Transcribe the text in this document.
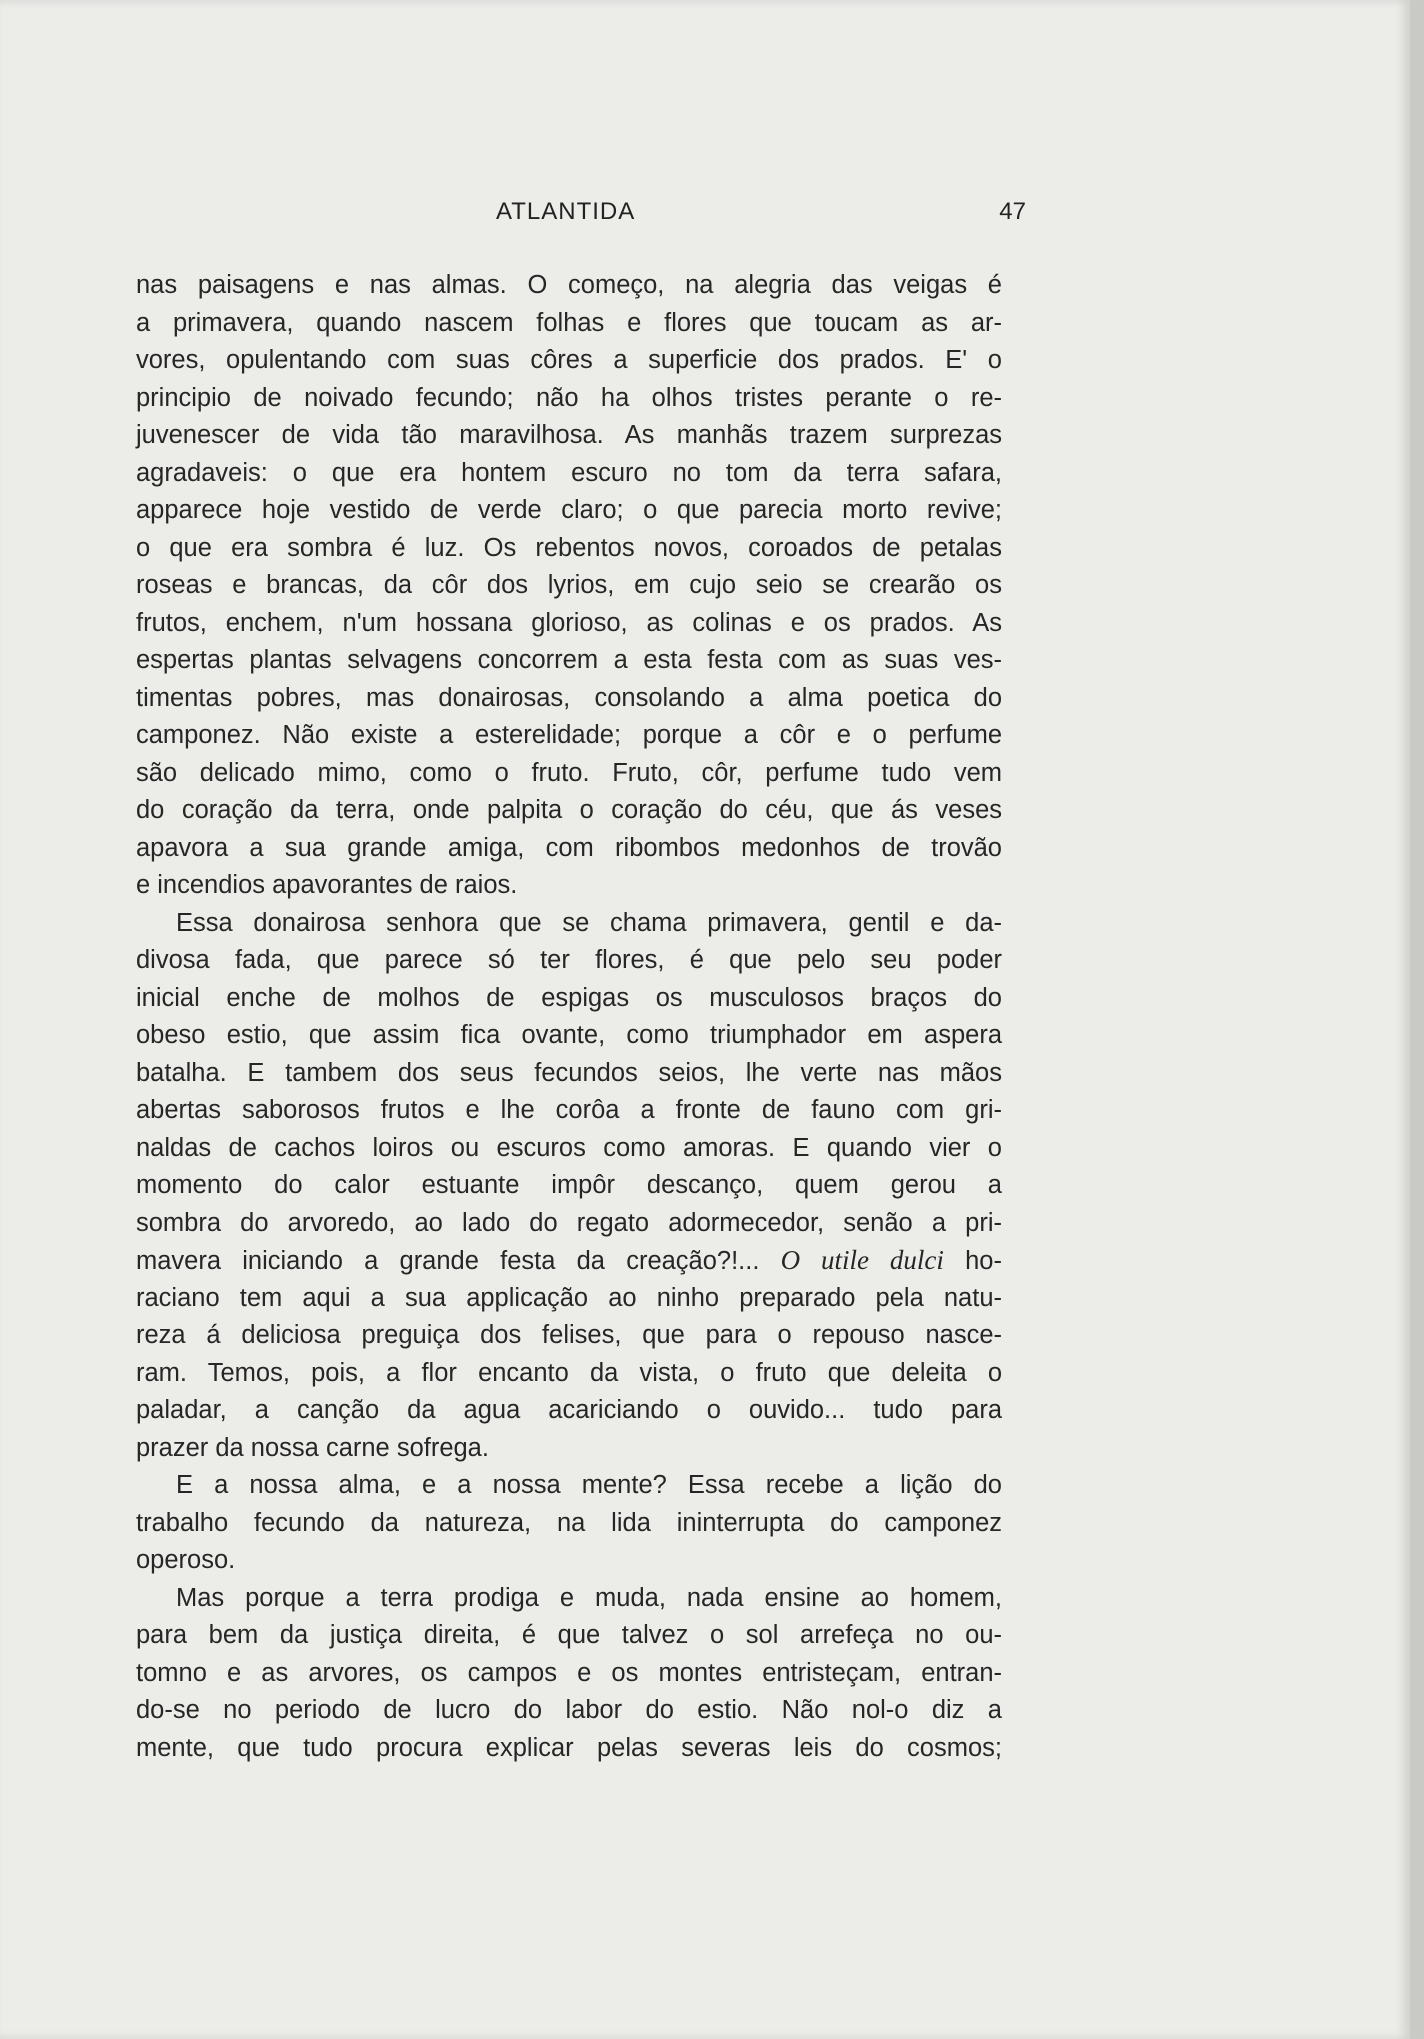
ATLANTIDA	47
nas paisagens e nas almas. O começo, na alegria das veigas é
a primavera, quando nascem folhas e flores que toucam as ar-
vores, opulentando com suas côres a superficie dos prados. E' o
principio de noivado fecundo; não ha olhos tristes perante o re-
juvenescer de vida tão maravilhosa. As manhãs trazem surprezas
agradaveis: o que era hontem escuro no tom da terra safara,
apparece hoje vestido de verde claro; o que parecia morto revive;
o que era sombra é luz. Os rebentos novos, coroados de petalas
roseas e brancas, da côr dos lyrios, em cujo seio se crearão os
frutos, enchem, n'um hossana glorioso, as colinas e os prados. As
espertas plantas selvagens concorrem a esta festa com as suas ves-
timentas pobres, mas donairosas, consolando a alma poetica do
camponez. Não existe a esterelidade; porque a côr e o perfume
são delicado mimo, como o fruto. Fruto, côr, perfume tudo vem
do coração da terra, onde palpita o coração do céu, que ás veses
apavora a sua grande amiga, com ribombos medonhos de trovão
e incendios apavorantes de raios.
Essa donairosa senhora que se chama primavera, gentil e da-
divosa fada, que parece só ter flores, é que pelo seu poder
inicial enche de molhos de espigas os musculosos braços do
obeso estio, que assim fica ovante, como triumphador em aspera
batalha. E tambem dos seus fecundos seios, lhe verte nas mãos
abertas saborosos frutos e lhe corôa a fronte de fauno com gri-
naldas de cachos loiros ou escuros como amoras. E quando vier o
momento do calor estuante impôr descanço, quem gerou a
sombra do arvoredo, ao lado do regato adormecedor, senão a pri-
mavera iniciando a grande festa da creação?!... O utile dulci ho-
raciano tem aqui a sua applicação ao ninho preparado pela natu-
reza á deliciosa preguiça dos felises, que para o repouso nasce-
ram. Temos, pois, a flor encanto da vista, o fruto que deleita o
paladar, a canção da agua acariciando o ouvido... tudo para
prazer da nossa carne sofrega.
E a nossa alma, e a nossa mente? Essa recebe a lição do
trabalho fecundo da natureza, na lida ininterrupta do camponez
operoso.
Mas porque a terra prodiga e muda, nada ensine ao homem,
para bem da justiça direita, é que talvez o sol arrefeça no ou-
tomno e as arvores, os campos e os montes entristeçam, entran-
do-se no periodo de lucro do labor do estio. Não nol-o diz a
mente, que tudo procura explicar pelas severas leis do cosmos;
